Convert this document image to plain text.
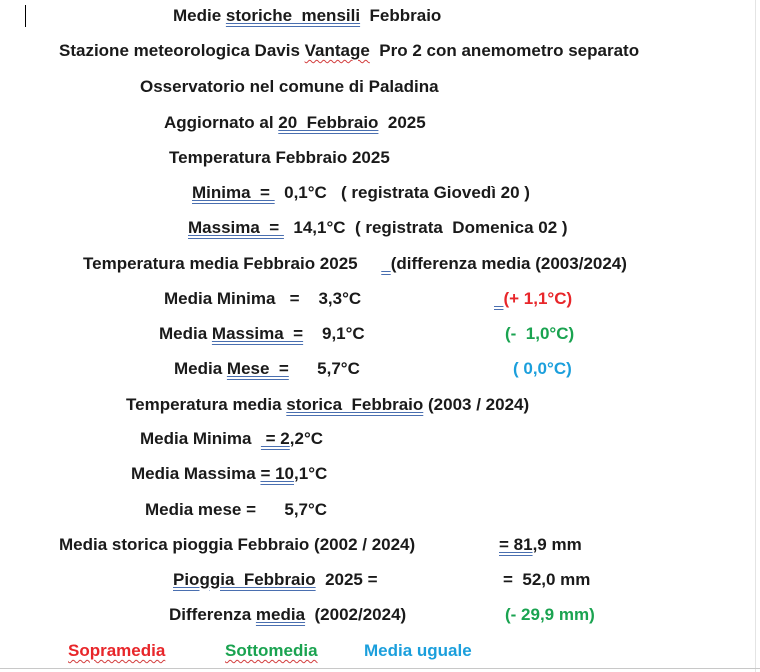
Medie storiche  mensili  Febbraio
Stazione meteorologica Davis Vantage  Pro 2 con anemometro separato
Osservatorio nel comune di Paladina
Aggiornato al 20  Febbraio  2025
Temperatura Febbraio 2025
Minima  =   0,1°C   ( registrata Giovedì 20 )
Massima  =   14,1°C  ( registrata  Domenica 02 )
Temperatura media Febbraio 2025       (differenza media (2003/2024)
Media Minima   =    3,3°C	(+ 1,1°C)
Media Massima  =    9,1°C	(-  1,0°C)
Media Mese  =      5,7°C	( 0,0°C)
Temperatura media storica  Febbraio (2003 / 2024)
Media Minima   = 2,2°C
Media Massima = 10,1°C
Media mese =      5,7°C
Media storica pioggia Febbraio (2002 / 2024)	= 81,9 mm
Pioggia  Febbraio  2025 =	=  52,0 mm
Differenza media  (2002/2024)	(- 29,9 mm)
Sopramedia	Sottomedia	Media uguale
